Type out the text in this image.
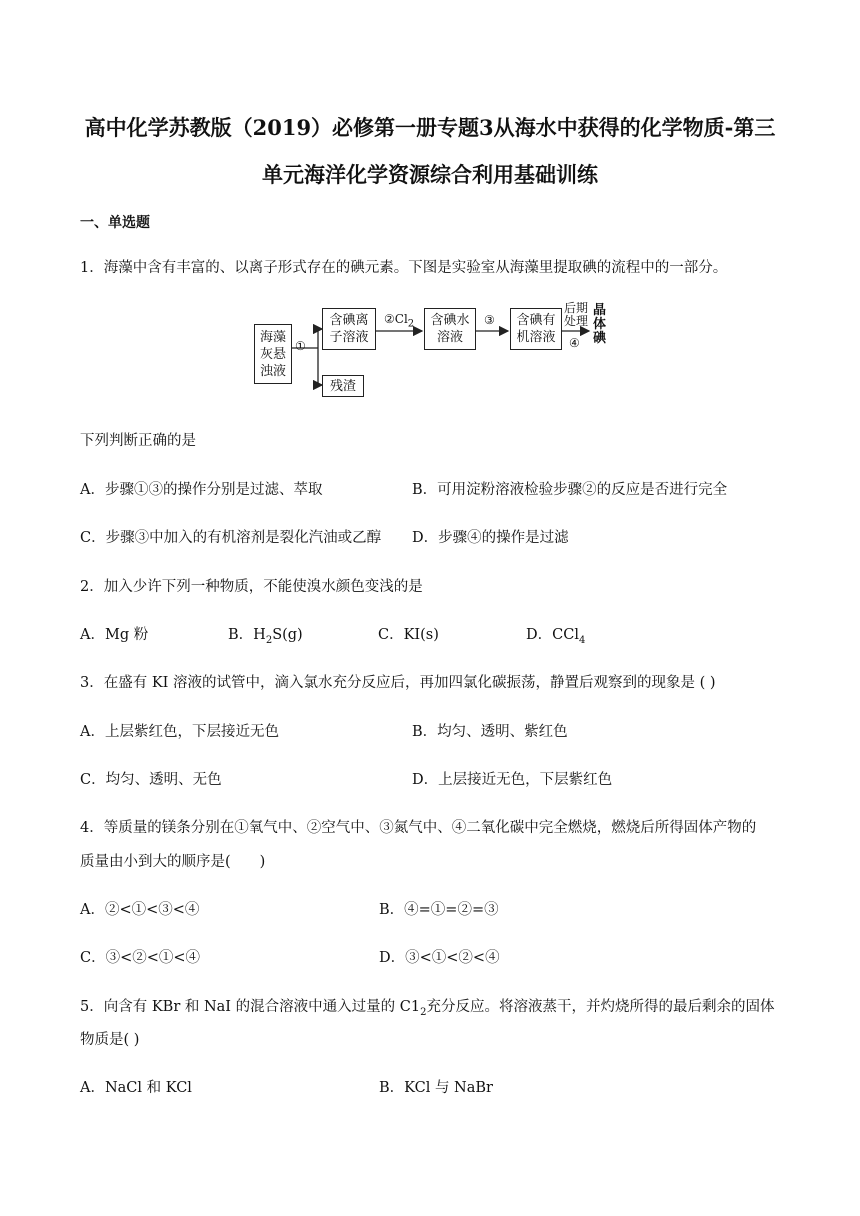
高中化学苏教版（2019）必修第一册专题3从海水中获得的化学物质-第三
单元海洋化学资源综合利用基础训练
一、单选题
1．海藻中含有丰富的、以离子形式存在的碘元素。下图是实验室从海藻里提取碘的流程中的一部分。
海藻
灰悬
浊液
①
含碘离
子溶液
残渣
$②Cl_2$	含碘水
溶液
③	含碘有
机溶液
后期
处理
④
晶
体
碘
下列判断正确的是
A．步骤①③的操作分别是过滤、萃取	B．可用淀粉溶液检验步骤②的反应是否进行完全
C．步骤③中加入的有机溶剂是裂化汽油或乙醇 D．步骤④的操作是过滤
2．加入少许下列一种物质，不能使溴水颜色变浅的是
A．Mg 粉	B．$H_2S(g)$	C．KI(s)	D．CCl$_4$
3．在盛有 KI 溶液的试管中，滴入氯水充分反应后，再加四氯化碳振荡，静置后观察到的现象是 ( )
A．上层紫红色，下层接近无色	B．均匀、透明、紫红色
C．均匀、透明、无色	D．上层接近无色，下层紫红色
4．等质量的镁条分别在①氧气中、②空气中、③氮气中、④二氧化碳中完全燃烧，燃烧后所得固体产物的
质量由小到大的顺序是(　　)
A．②<①<③<④	B．④=①=②=③
C．③<②<①<④	D．③<①<②<④
5．向含有 KBr 和 NaI 的混合溶液中通入过量的 $C1_2$充分反应。将溶液蒸干，并灼烧所得的最后剩余的固体
物质是( )
A．NaCl 和 KCl	B．KCl 与 NaBr
